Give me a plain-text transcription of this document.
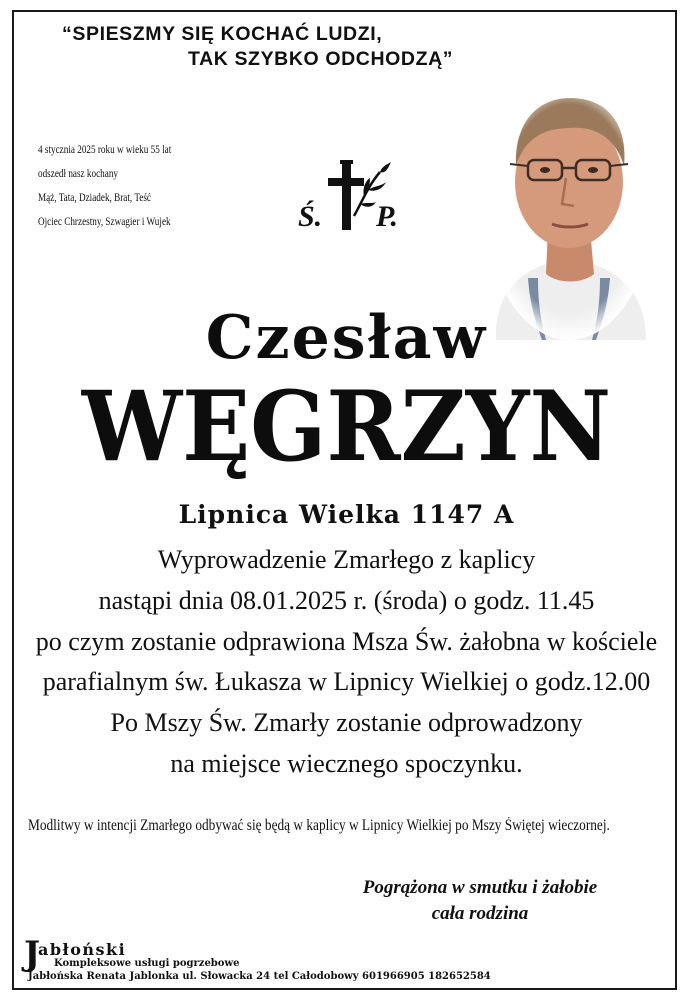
“SPIESZMY SIĘ KOCHAĆ LUDZI,
TAK SZYBKO ODCHODZĄ”
4 stycznia 2025 roku w wieku 55 lat
odszedł nasz kochany
Mąż, Tata, Dziadek, Brat, Teść
Ojciec Chrzestny, Szwagier i Wujek	Ś. P.
Czesław
WĘGRZYN
Lipnica Wielka 1147 A
Wyprowadzenie Zmarłego z kaplicy
nastąpi dnia 08.01.2025 r. (środa) o godz. 11.45
po czym zostanie odprawiona Msza Św. żałobna w kościele
parafialnym św. Łukasza w Lipnicy Wielkiej o godz.12.00
Po Mszy Św. Zmarły zostanie odprowadzony
na miejsce wiecznego spoczynku.
Modlitwy w intencji Zmarłego odbywać się będą w kaplicy w Lipnicy Wielkiej po Mszy Świętej wieczornej.
Pogrążona w smutku i żałobie
cała rodzina
J
abłoński
Kompleksowe usługi pogrzebowe
Jabłońska Renata Jablonka ul. Słowacka 24 tel Całodobowy 601966905 182652584
